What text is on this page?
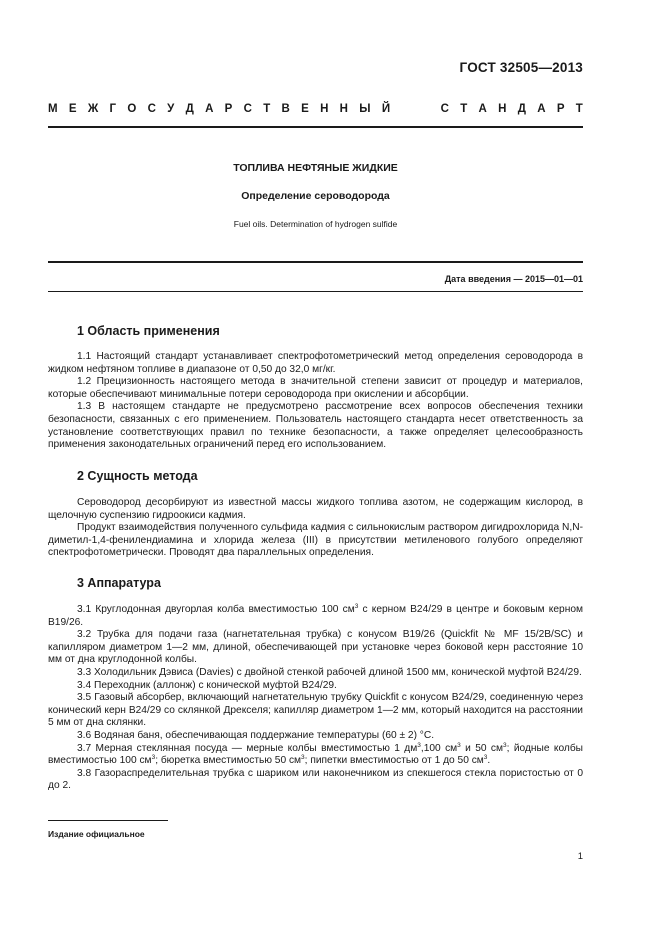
ГОСТ 32505—2013
М Е Ж Г О С У Д А Р С Т В Е Н Н Ы Й	С Т А Н Д А Р Т
ТОПЛИВА НЕФТЯНЫЕ ЖИДКИЕ
Определение сероводорода
Fuel oils. Determination of hydrogen sulfide
Дата введения — 2015—01—01
1 Область применения

1.1 Настоящий стандарт устанавливает спектрофотометрический метод определения сероводорода в жидком нефтяном топливе в диапазоне от 0,50 до 32,0 мг/кг.

1.2 Прецизионность настоящего метода в значительной степени зависит от процедур и материалов, которые обеспечивают минимальные потери сероводорода при окислении и абсорбции.

1.3 В настоящем стандарте не предусмотрено рассмотрение всех вопросов обеспечения техники безопасности, связанных с его применением. Пользователь настоящего стандарта несет ответственность за установление соответствующих правил по технике безопасности, а также определяет целесообразность применения законодательных ограничений перед его использованием.

2 Сущность метода

Сероводород десорбируют из известной массы жидкого топлива азотом, не содержащим кислород, в щелочную суспензию гидроокиси кадмия.

Продукт взаимодействия полученного сульфида кадмия с сильнокислым раствором дигидрохлорида N,N-диметил-1,4-фенилендиамина и хлорида железа (III) в присутствии метиленового голубого определяют спектрофотометрически. Проводят два параллельных определения.

3 Аппаратура

3.1 Круглодонная двугорлая колба вместимостью 100 $см^3$ с керном B24/29 в центре и боковым керном B19/26.

3.2 Трубка для подачи газа (нагнетательная трубка) с конусом B19/26 (Quickfit № MF 15/2B/SC) и капилляром диаметром 1—2 мм, длиной, обеспечивающей при установке через боковой керн расстояние 10 мм от дна круглодонной колбы.

3.3 Холодильник Дэвиса (Davies) с двойной стенкой рабочей длиной 1500 мм, конической муфтой B24/29.

3.4 Переходник (аллонж) с конической муфтой B24/29.

3.5 Газовый абсорбер, включающий нагнетательную трубку Quickfit с конусом B24/29, соединенную через конический керн B24/29 со склянкой Дрекселя; капилляр диаметром 1—2 мм, который находится на расстоянии 5 мм от дна склянки.

3.6 Водяная баня, обеспечивающая поддержание температуры (60 ± 2) °С.

3.7 Мерная стеклянная посуда — мерные колбы вместимостью 1 $дм^3,100$ $см^3$ и 50 $см^3$; йодные колбы вместимостью 100 $см^3$; бюретка вместимостью 50 $см^3$; пипетки вместимостью от 1 до 50 $см^3$.

3.8 Газораспределительная трубка с шариком или наконечником из спекшегося стекла пористостью от 0 до 2.

Издание официальное
1
